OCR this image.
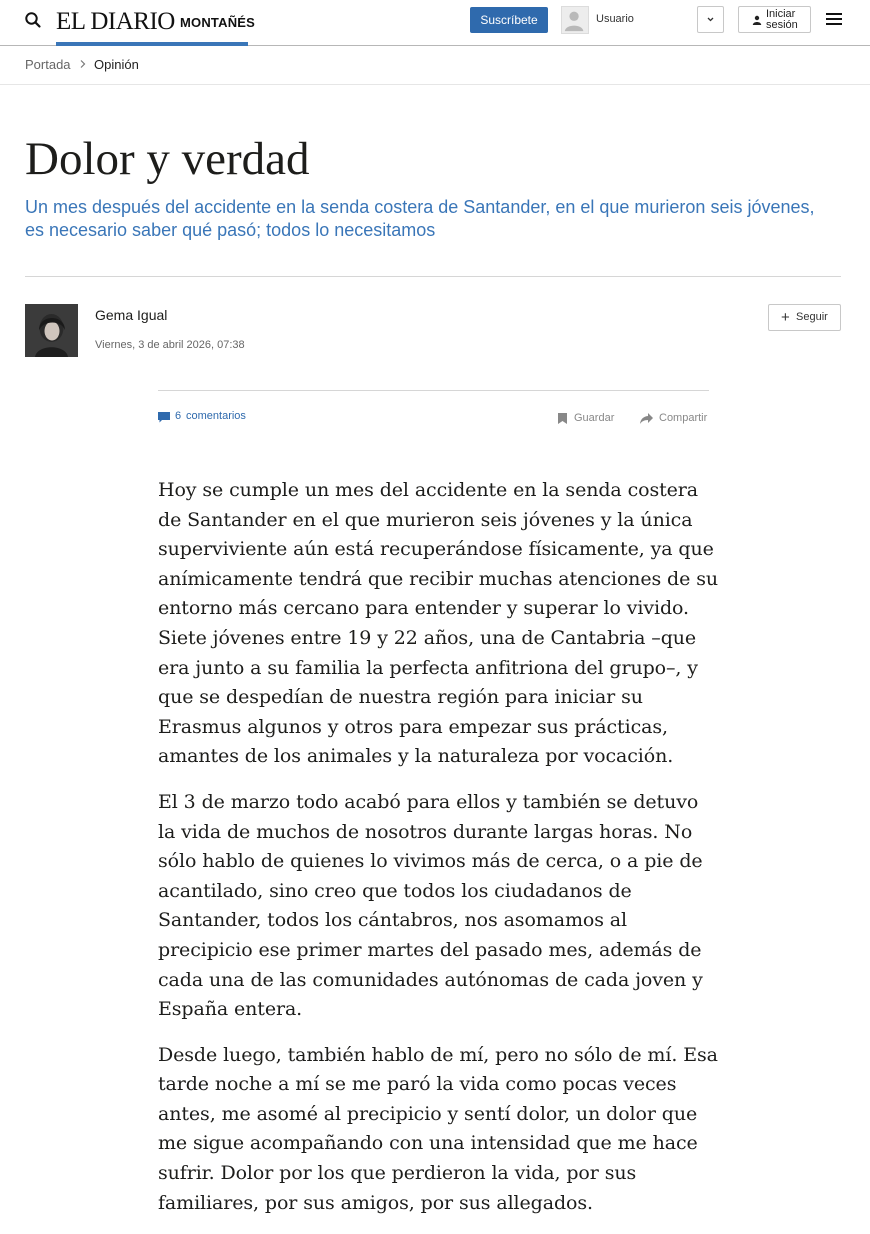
EL DIARIO MONTAÑÉS	Suscríbete	Usuario	Iniciar
sesión
Portada Opinión
Dolor y verdad

Un mes después del accidente en la senda costera de Santander, en el que murieron seis jóvenes, es necesario saber qué pasó; todos lo necesitamos

Gema Igual
Viernes, 3 de abril 2026, 07:38
+ Seguir
6 comentarios	Guardar	Compartir

Hoy se cumple un mes del accidente en la senda costera de Santander en el que murieron seis jóvenes y la única superviviente aún está recuperándose físicamente, ya que anímicamente tendrá que recibir muchas atenciones de su entorno más cercano para entender y superar lo vivido. Siete jóvenes entre 19 y 22 años, una de Cantabria –que era junto a su familia la perfecta anfitriona del grupo–, y que se despedían de nuestra región para iniciar su Erasmus algunos y otros para empezar sus prácticas, amantes de los animales y la naturaleza por vocación.

El 3 de marzo todo acabó para ellos y también se detuvo la vida de muchos de nosotros durante largas horas. No sólo hablo de quienes lo vivimos más de cerca, o a pie de acantilado, sino creo que todos los ciudadanos de Santander, todos los cántabros, nos asomamos al precipicio ese primer martes del pasado mes, además de cada una de las comunidades autónomas de cada joven y España entera.

Desde luego, también hablo de mí, pero no sólo de mí. Esa tarde noche a mí se me paró la vida como pocas veces antes, me asomé al precipicio y sentí dolor, un dolor que me sigue acompañando con una intensidad que me hace sufrir. Dolor por los que perdieron la vida, por sus familiares, por sus amigos, por sus allegados.
